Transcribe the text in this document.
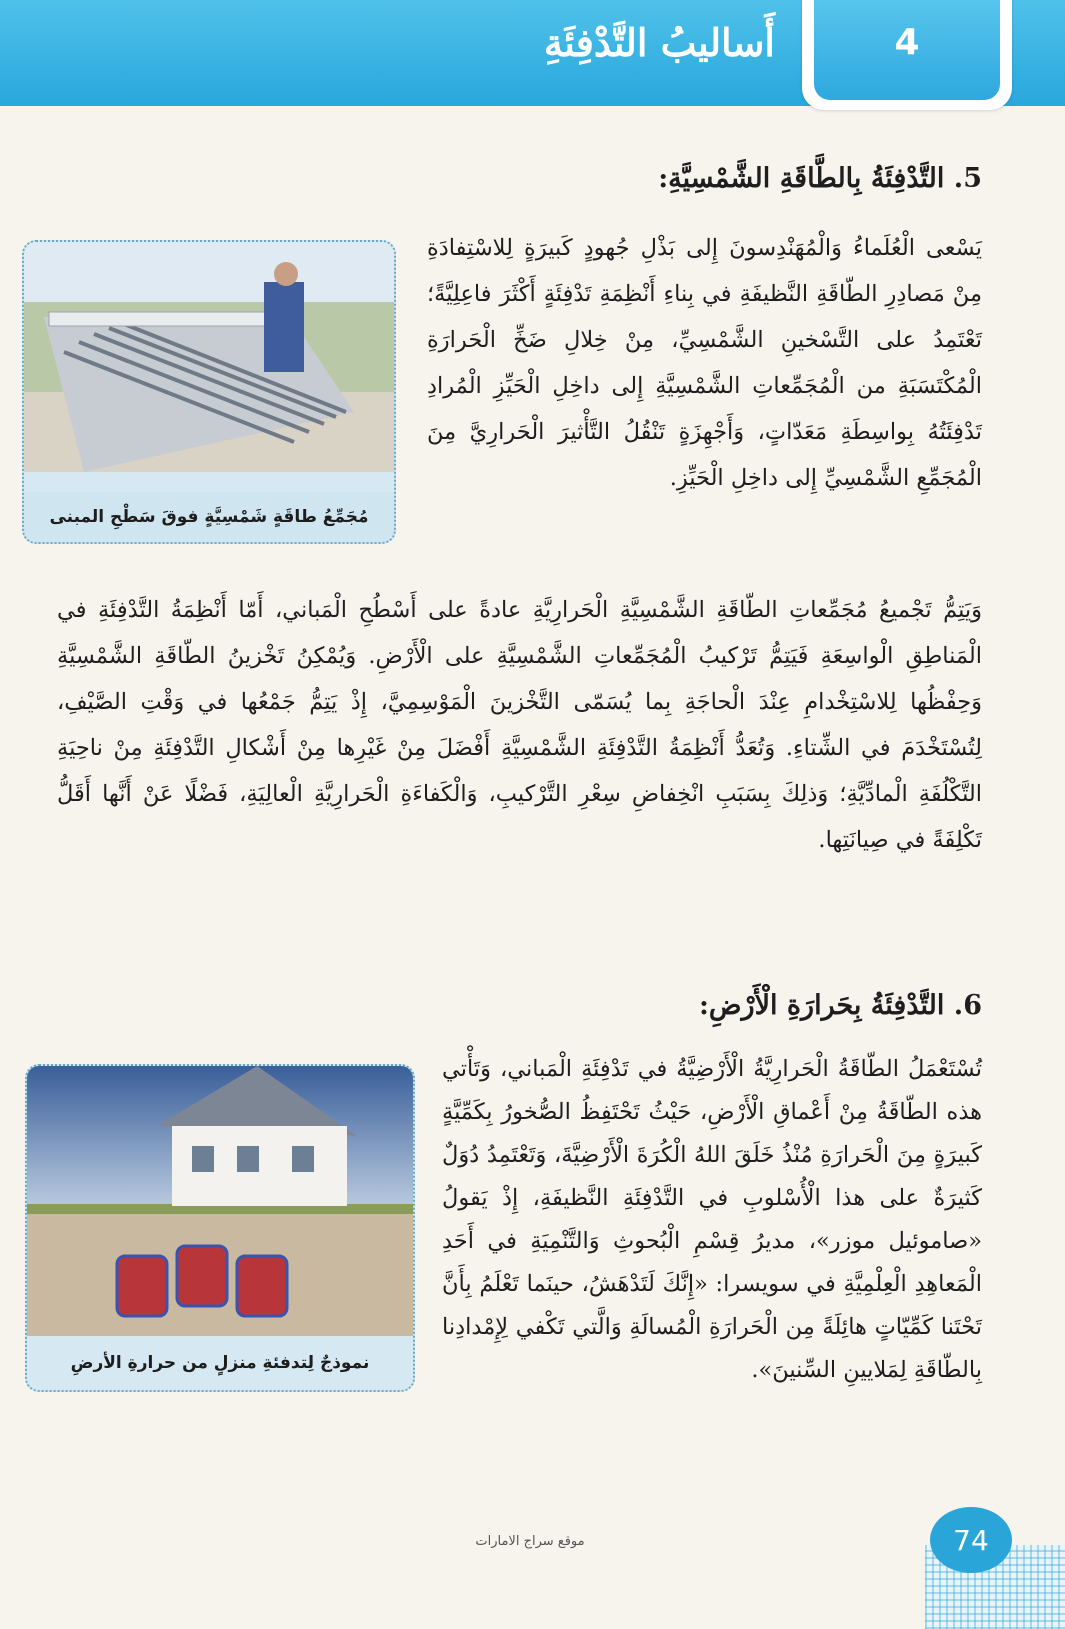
4
أَساليبُ التَّدْفِئَةِ
5. التَّدْفِئَةُ بِالطَّاقَةِ الشَّمْسِيَّةِ:
مُجَمِّعُ طاقَةٍ شَمْسِيَّةٍ فوقَ سَطْحِ المبنى

يَسْعى الْعُلَماءُ وَالْمُهَنْدِسونَ إِلى بَذْلِ جُهودٍ كَبيرَةٍ لِلاسْتِفادَةِ مِنْ مَصادِرِ الطّاقَةِ النَّظيفَةِ في بِناءِ أَنْظِمَةِ تَدْفِئَةٍ أَكْثَرَ فاعِلِيَّةً؛ تَعْتَمِدُ على التَّسْخينِ الشَّمْسِيِّ، مِنْ خِلالِ ضَخِّ الْحَرارَةِ الْمُكْتَسَبَةِ من الْمُجَمِّعاتِ الشَّمْسِيَّةِ إِلى داخِلِ الْحَيِّزِ الْمُرادِ تَدْفِئَتُهُ بِواسِطَةِ مَعَدّاتٍ، وَأَجْهِزَةٍ تَنْقُلُ التَّأْثيرَ الْحَرارِيَّ مِنَ الْمُجَمِّعِ الشَّمْسِيِّ إِلى داخِلِ الْحَيِّزِ.

وَيَتِمُّ تَجْميعُ مُجَمِّعاتِ الطّاقَةِ الشَّمْسِيَّةِ الْحَرارِيَّةِ عادةً على أَسْطُحِ الْمَباني، أَمّا أَنْظِمَةُ التَّدْفِئَةِ في الْمَناطِقِ الْواسِعَةِ فَيَتِمُّ تَرْكيبُ الْمُجَمِّعاتِ الشَّمْسِيَّةِ على الْأَرْضِ. وَيُمْكِنُ تَخْزينُ الطّاقَةِ الشَّمْسِيَّةِ وَحِفْظُها لِلاسْتِخْدامِ عِنْدَ الْحاجَةِ بِما يُسَمّى التَّخْزينَ الْمَوْسِمِيَّ، إِذْ يَتِمُّ جَمْعُها في وَقْتِ الصَّيْفِ، لِتُسْتَخْدَمَ في الشِّتاءِ. وَتُعَدُّ أَنْظِمَةُ التَّدْفِئَةِ الشَّمْسِيَّةِ أَفْضَلَ مِنْ غَيْرِها مِنْ أَشْكالِ التَّدْفِئَةِ مِنْ ناحِيَةِ التَّكْلُفَةِ الْمادِّيَّةِ؛ وَذلِكَ بِسَبَبِ انْخِفاضِ سِعْرِ التَّرْكيبِ، وَالْكَفاءَةِ الْحَرارِيَّةِ الْعالِيَةِ، فَضْلًا عَنْ أَنَّها أَقَلُّ تَكْلِفَةً في صِيانَتِها.

6. التَّدْفِئَةُ بِحَرارَةِ الْأَرْضِ:
نموذجٌ لِتدفئةِ منزلٍ من حرارةِ الأرضِ

تُسْتَعْمَلُ الطّاقَةُ الْحَرارِيَّةُ الْأَرْضِيَّةُ في تَدْفِئَةِ الْمَباني، وَتَأْتي هذه الطّاقَةُ مِنْ أَعْماقِ الْأَرْضِ، حَيْثُ تَحْتَفِظُ الصُّخورُ بِكَمِّيَّةٍ كَبيرَةٍ مِنَ الْحَرارَةِ مُنْذُ خَلَقَ اللهُ الْكُرَةَ الْأَرْضِيَّةَ، وَتَعْتَمِدُ دُوَلٌ كَثيرَةٌ على هذا الْأُسْلوبِ في التَّدْفِئَةِ النَّظيفَةِ، إِذْ يَقولُ «صاموئيل موزر»، مديرُ قِسْمِ الْبُحوثِ وَالتَّنْمِيَةِ في أَحَدِ الْمَعاهِدِ الْعِلْمِيَّةِ في سويسرا: «إِنَّكَ لَتَدْهَشُ، حينَما تَعْلَمُ بِأَنَّ تَحْتَنا كَمِّيّاتٍ هائِلَةً مِن الْحَرارَةِ الْمُسالَةِ وَالَّتي تَكْفي لِإِمْدادِنا بِالطّاقَةِ لِمَلايينِ السِّنينَ».

موقع سراج الامارات	74
